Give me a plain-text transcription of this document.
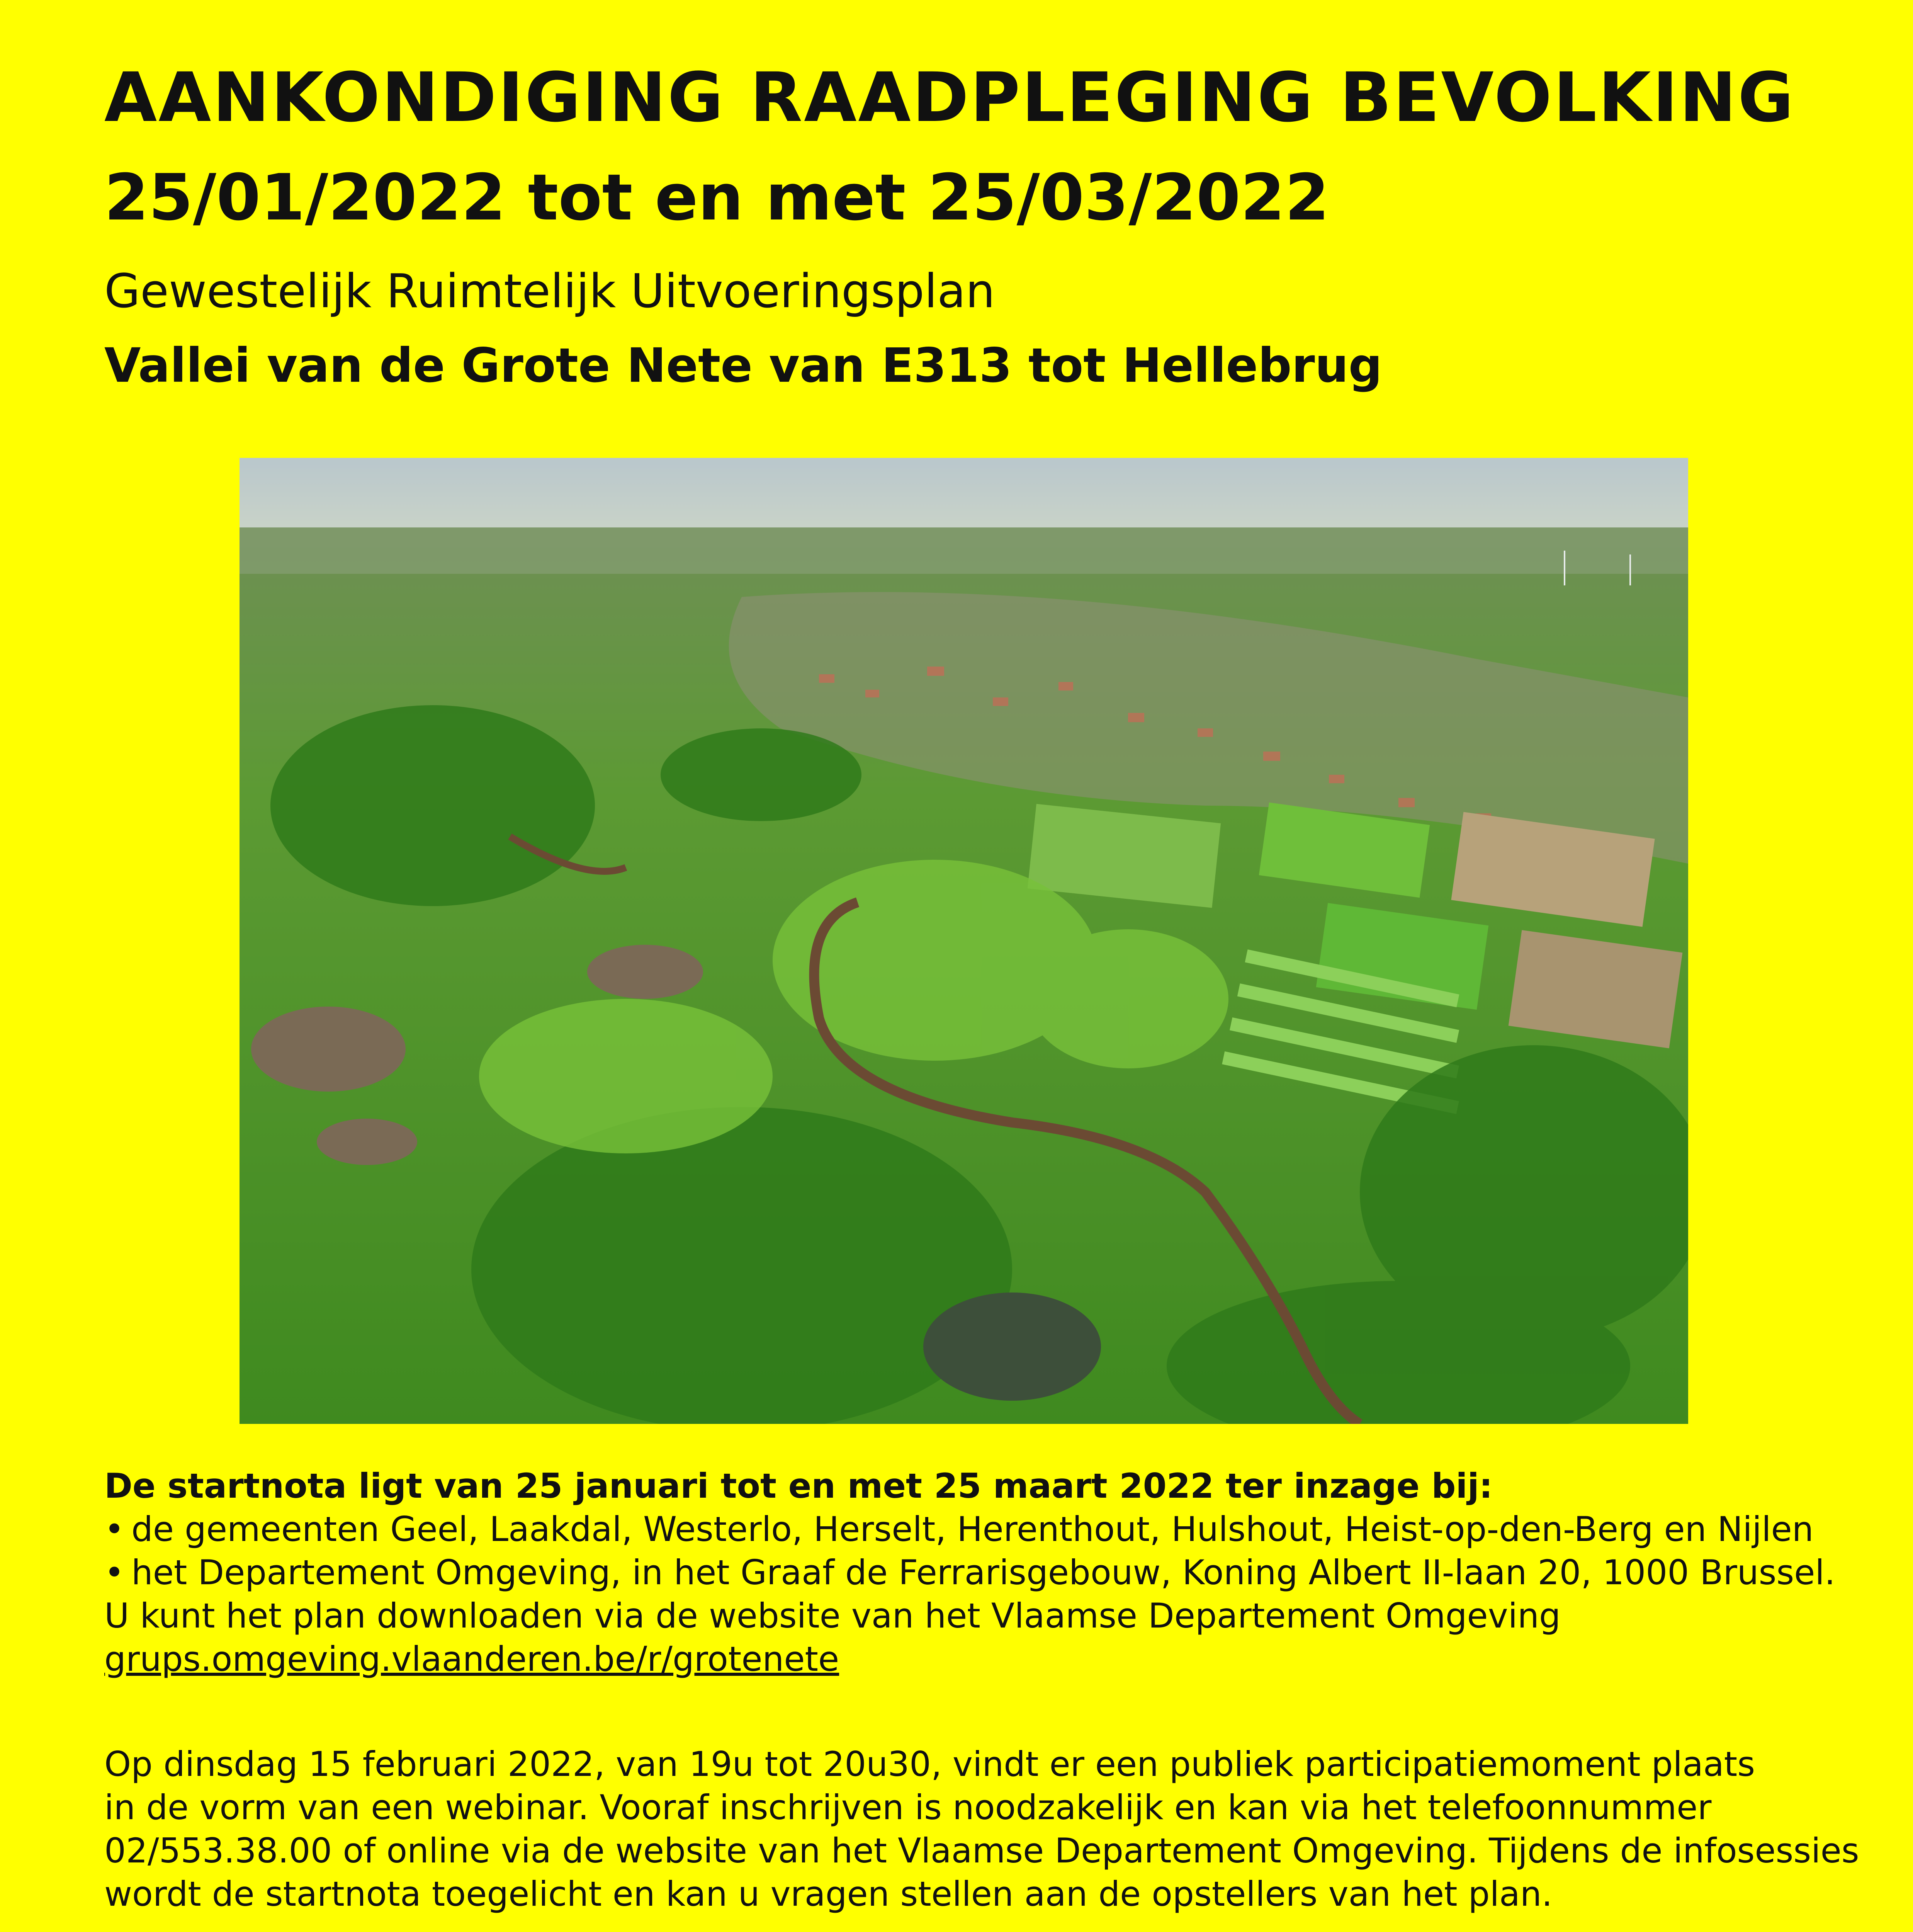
AANKONDIGING RAADPLEGING BEVOLKING
25/01/2022 tot en met 25/03/2022
Gewestelijk Ruimtelijk Uitvoeringsplan
Vallei van de Grote Nete van E313 tot Hellebrug
De startnota ligt van 25 januari tot en met 25 maart 2022 ter inzage bij:
• de gemeenten Geel, Laakdal, Westerlo, Herselt, Herenthout, Hulshout, Heist-op-den-Berg en Nijlen
• het Departement Omgeving, in het Graaf de Ferrarisgebouw, Koning Albert II-laan 20, 1000 Brussel.
U kunt het plan downloaden via de website van het Vlaamse Departement Omgeving
grups.omgeving.vlaanderen.be/r/grotenete
Op dinsdag 15 februari 2022, van 19u tot 20u30, vindt er een publiek participatiemoment plaats
in de vorm van een webinar. Vooraf inschrijven is noodzakelijk en kan via het telefoonnummer
02/553.38.00 of online via de website van het Vlaamse Departement Omgeving. Tijdens de infosessies
wordt de startnota toegelicht en kan u vragen stellen aan de opstellers van het plan.
